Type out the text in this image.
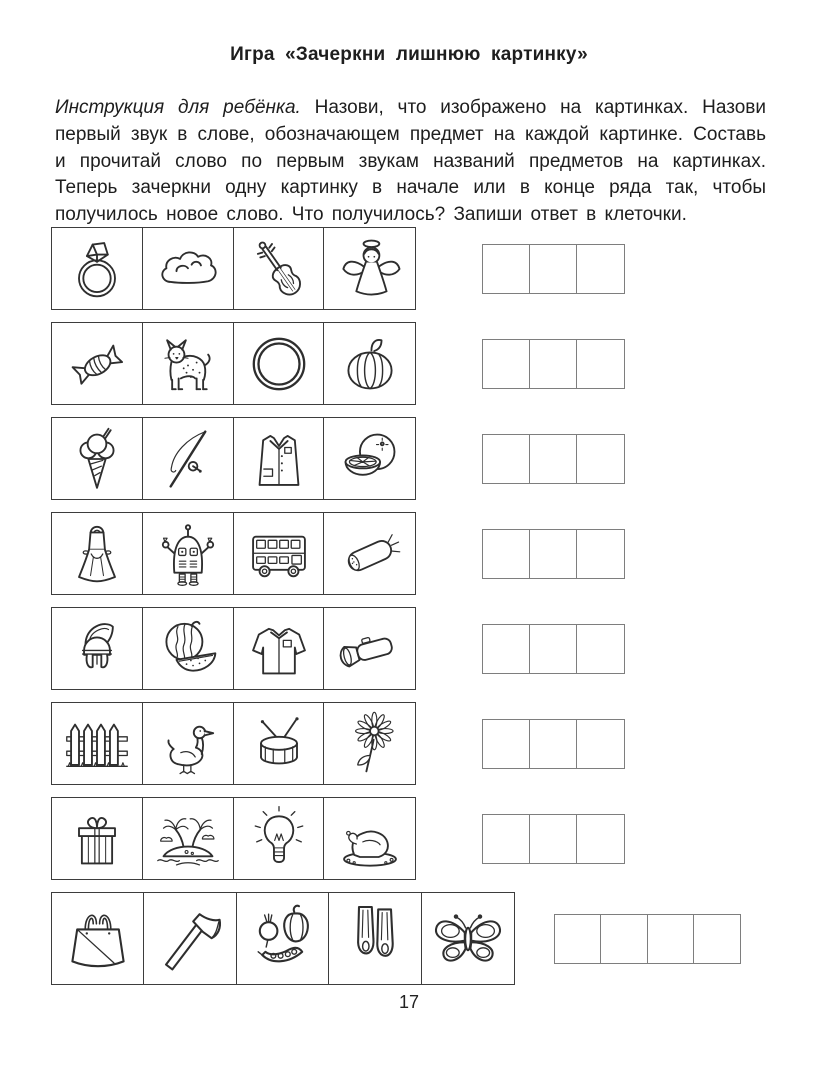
Игра «Зачеркни лишнюю картинку»

Инструкция для ребёнка. Назови, что изображено на картинках. Назови первый звук в слове, обозначающем предмет на каждой картинке. Составь и прочитай слово по первым звукам названий предметов на картинках. Теперь зачеркни одну картинку в начале или в конце ряда так, чтобы получилось новое слово. Что получилось? Запиши ответ в клеточки.

17
